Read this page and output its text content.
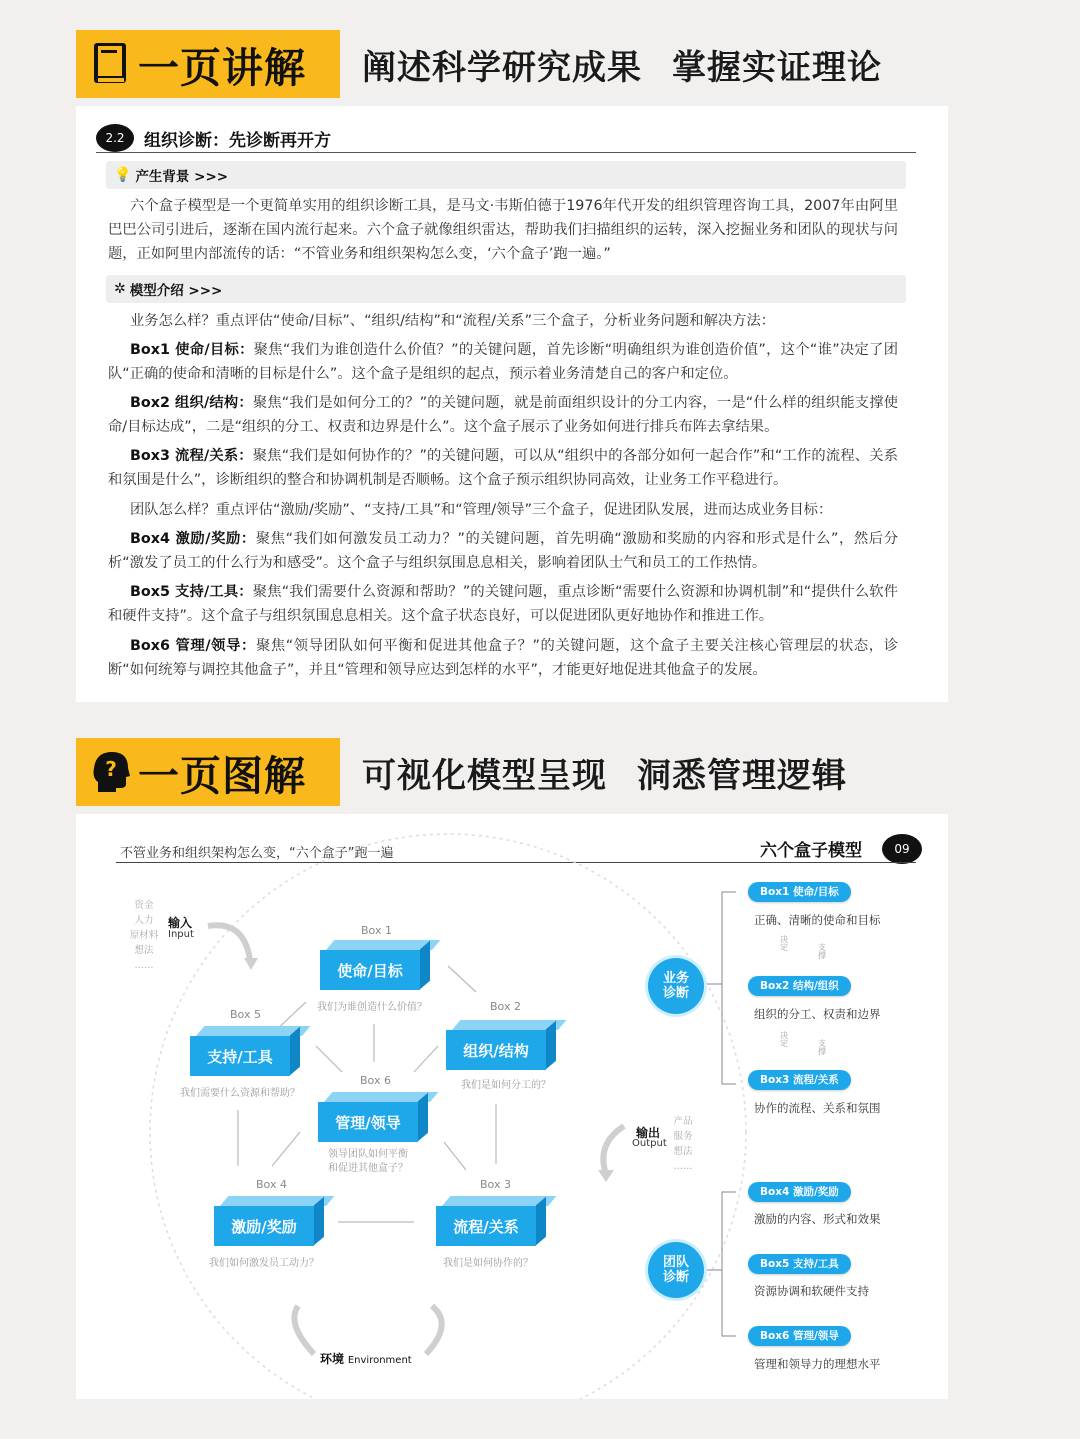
一页讲解 阐述科学研究成果 掌握实证理论
2.2	组织诊断：先诊断再开方
💡 产生背景 >>>
六个盒子模型是一个更简单实用的组织诊断工具，是马文·韦斯伯德于1976年代开发的组织管理咨询工具，2007年由阿里巴巴公司引进后，逐渐在国内流行起来。六个盒子就像组织雷达，帮助我们扫描组织的运转，深入挖掘业务和团队的现状与问题，正如阿里内部流传的话：“不管业务和组织架构怎么变，‘六个盒子’跑一遍。”
✲ 模型介绍 >>>
业务怎么样？重点评估“使命/目标”、“组织/结构”和“流程/关系”三个盒子，分析业务问题和解决方法：
Box1 使命/目标：聚焦“我们为谁创造什么价值？”的关键问题，首先诊断“明确组织为谁创造价值”，这个“谁”决定了团队“正确的使命和清晰的目标是什么”。这个盒子是组织的起点，预示着业务清楚自己的客户和定位。
Box2 组织/结构：聚焦“我们是如何分工的？”的关键问题，就是前面组织设计的分工内容，一是“什么样的组织能支撑使命/目标达成”，二是“组织的分工、权责和边界是什么”。这个盒子展示了业务如何进行排兵布阵去拿结果。
Box3 流程/关系：聚焦“我们是如何协作的？”的关键问题，可以从“组织中的各部分如何一起合作”和“工作的流程、关系和氛围是什么”，诊断组织的整合和协调机制是否顺畅。这个盒子预示组织协同高效，让业务工作平稳进行。
团队怎么样？重点评估“激励/奖励”、“支持/工具”和“管理/领导”三个盒子，促进团队发展，进而达成业务目标：
Box4 激励/奖励：聚焦“我们如何激发员工动力？”的关键问题，首先明确“激励和奖励的内容和形式是什么”，然后分析“激发了员工的什么行为和感受”。这个盒子与组织氛围息息相关，影响着团队士气和员工的工作热情。
Box5 支持/工具：聚焦“我们需要什么资源和帮助？”的关键问题，重点诊断“需要什么资源和协调机制”和“提供什么软件和硬件支持”。这个盒子与组织氛围息息相关。这个盒子状态良好，可以促进团队更好地协作和推进工作。
Box6 管理/领导：聚焦“领导团队如何平衡和促进其他盒子？”的关键问题，这个盒子主要关注核心管理层的状态，诊断“如何统筹与调控其他盒子”，并且“管理和领导应达到怎样的水平”，才能更好地促进其他盒子的发展。
? 一页图解 可视化模型呈现 洞悉管理逻辑
不管业务和组织架构怎么变，“六个盒子”跑一遍	六个盒子模型	09
资金
人力
原材料
想法
……
输入
Input
输出
Output
产品
服务
想法
……
环境 Environment
Box 1
使命/目标
我们为谁创造什么价值？	Box 2
组织/结构
我们是如何分工的？
Box 5
支持/工具
我们需要什么资源和帮助？
Box 6
管理/领导
领导团队如何平衡
和促进其他盒子？
Box 4
激励/奖励
我们如何激发员工动力？
Box 3
流程/关系
我们是如何协作的？
业务
诊断
团队
诊断
Box1 使命/目标
正确、清晰的使命和目标
决定	支撑
Box2 结构/组织
组织的分工、权责和边界
决定	支撑
Box3 流程/关系
协作的流程、关系和氛围
Box4 激励/奖励
激励的内容、形式和效果
Box5 支持/工具
资源协调和软硬件支持
Box6 管理/领导
管理和领导力的理想水平
